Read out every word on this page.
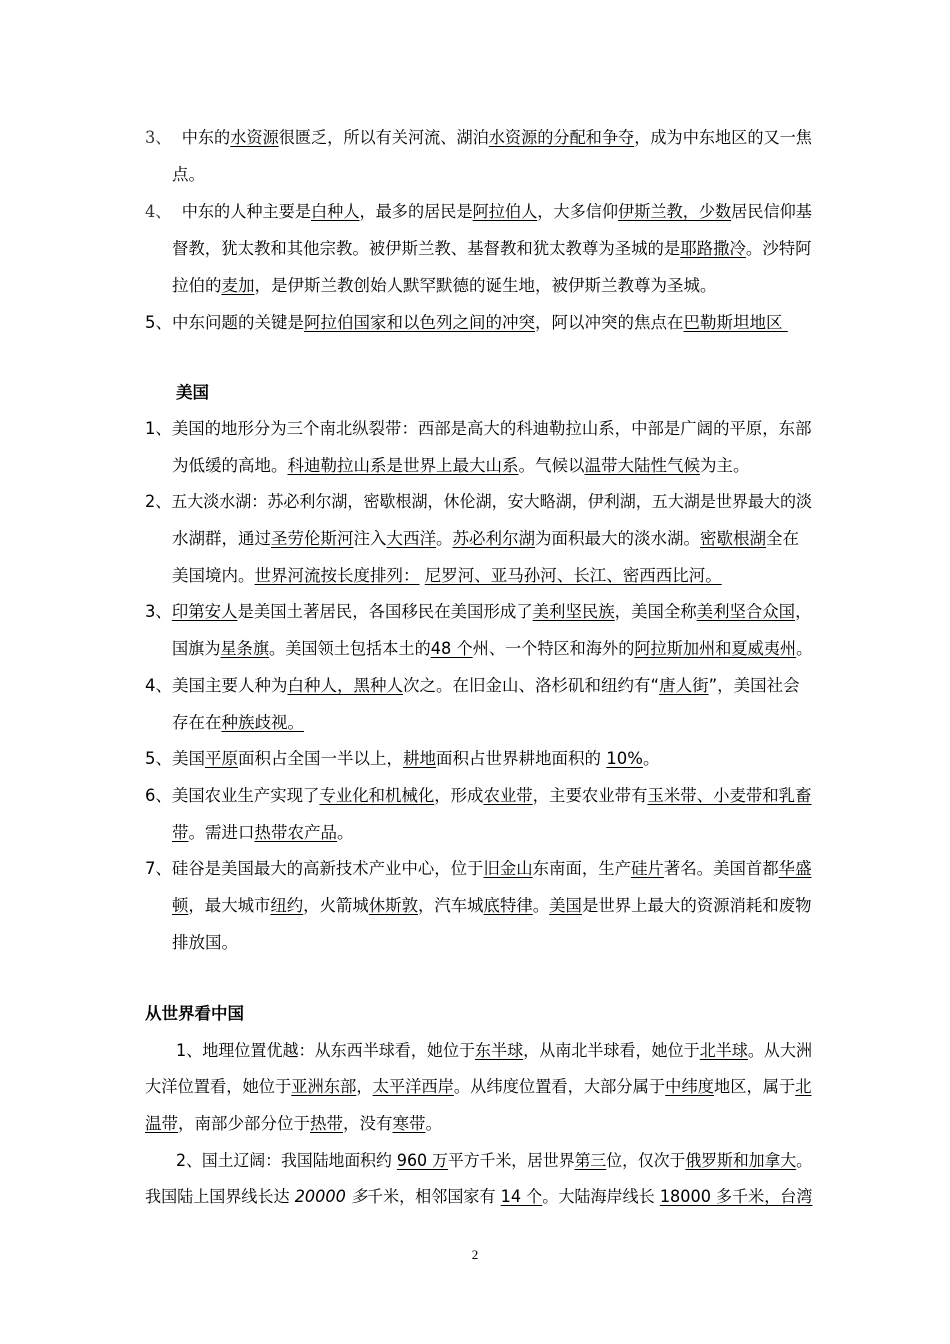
3、  中东的水资源很匮乏，所以有关河流、湖泊水资源的分配和争夺，成为中东地区的又一焦
点。
4、  中东的人种主要是白种人，最多的居民是阿拉伯人，大多信仰伊斯兰教，少数居民信仰基
督教，犹太教和其他宗教。被伊斯兰教、基督教和犹太教尊为圣城的是耶路撒冷。沙特阿
拉伯的麦加，是伊斯兰教创始人默罕默德的诞生地，被伊斯兰教尊为圣城。
5、中东问题的关键是阿拉伯国家和以色列之间的冲突，阿以冲突的焦点在巴勒斯坦地区
美国
1、美国的地形分为三个南北纵裂带：西部是高大的科迪勒拉山系，中部是广阔的平原，东部
为低缓的高地。科迪勒拉山系是世界上最大山系。气候以温带大陆性气候为主。
2、五大淡水湖：苏必利尔湖，密歇根湖，休伦湖，安大略湖，伊利湖，五大湖是世界最大的淡
水湖群，通过圣劳伦斯河注入大西洋。苏必利尔湖为面积最大的淡水湖。密歇根湖全在
美国境内。世界河流按长度排列： 尼罗河、亚马孙河、长江、密西西比河。
3、印第安人是美国土著居民，各国移民在美国形成了美利坚民族，美国全称美利坚合众国，
国旗为星条旗。美国领土包括本土的48 个州、一个特区和海外的阿拉斯加州和夏威夷州。
4、美国主要人种为白种人，黑种人次之。在旧金山、洛杉矶和纽约有“唐人街”，美国社会
存在在种族歧视。
5、美国平原面积占全国一半以上，耕地面积占世界耕地面积的 10%。
6、美国农业生产实现了专业化和机械化，形成农业带，主要农业带有玉米带、小麦带和乳畜
带。需进口热带农产品。
7、硅谷是美国最大的高新技术产业中心，位于旧金山东南面，生产硅片著名。美国首都华盛
顿，最大城市纽约，火箭城休斯敦，汽车城底特律。美国是世界上最大的资源消耗和废物
排放国。
从世界看中国
1、地理位置优越：从东西半球看，她位于东半球，从南北半球看，她位于北半球。从大洲
大洋位置看，她位于亚洲东部，太平洋西岸。从纬度位置看，大部分属于中纬度地区，属于北
温带，南部少部分位于热带，没有寒带。
2、国土辽阔：我国陆地面积约 960 万平方千米，居世界第三位，仅次于俄罗斯和加拿大。
我国陆上国界线长达 20000 多千米，相邻国家有 14 个。大陆海岸线长 18000 多千米，台湾
2
